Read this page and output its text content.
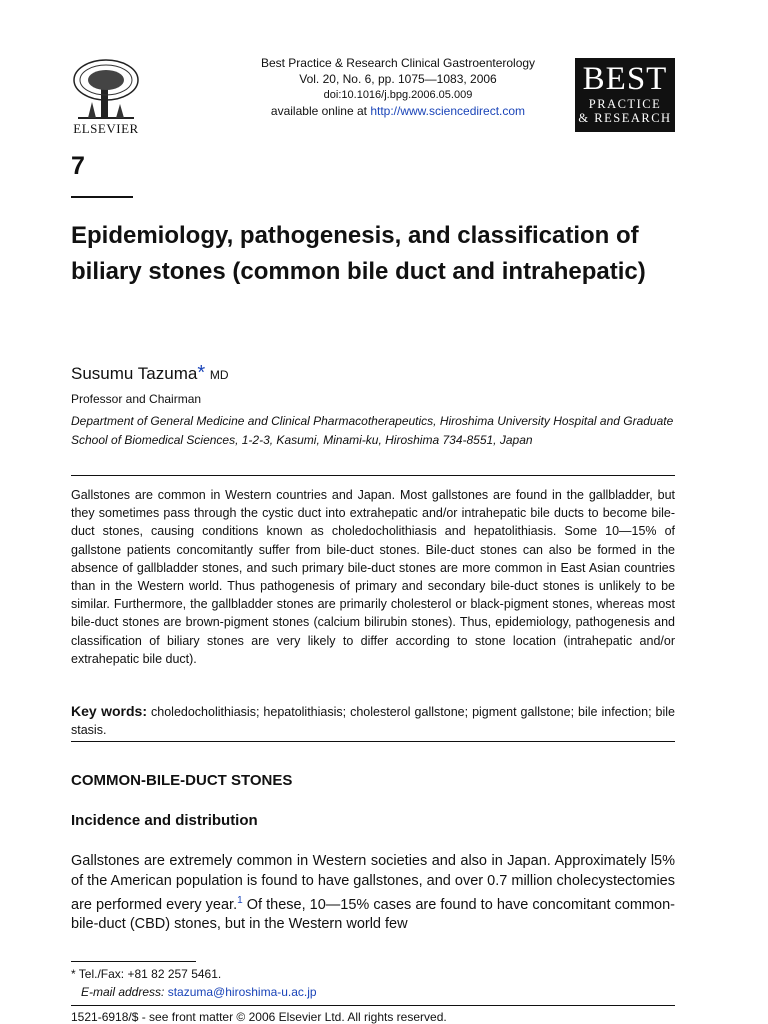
ELSEVIER
Best Practice & Research Clinical Gastroenterology
Vol. 20, No. 6, pp. 1075—1083, 2006
doi:10.1016/j.bpg.2006.05.009
available online at http://www.sciencedirect.com
BEST
PRACTICE
& RESEARCH
7
Epidemiology, pathogenesis, and classification of biliary stones (common bile duct and intrahepatic)
Susumu Tazuma* MD
Professor and Chairman
Department of General Medicine and Clinical Pharmacotherapeutics, Hiroshima University Hospital and Graduate School of Biomedical Sciences, 1-2-3, Kasumi, Minami-ku, Hiroshima 734-8551, Japan
Gallstones are common in Western countries and Japan. Most gallstones are found in the gallbladder, but they sometimes pass through the cystic duct into extrahepatic and/or intrahepatic bile ducts to become bile-duct stones, causing conditions known as choledocholithiasis and hepatolithiasis. Some 10—15% of gallstone patients concomitantly suffer from bile-duct stones. Bile-duct stones can also be formed in the absence of gallbladder stones, and such primary bile-duct stones are more common in East Asian countries than in the Western world. Thus pathogenesis of primary and secondary bile-duct stones is unlikely to be similar. Furthermore, the gallbladder stones are primarily cholesterol or black-pigment stones, whereas most bile-duct stones are brown-pigment stones (calcium bilirubin stones). Thus, epidemiology, pathogenesis and classification of biliary stones are very likely to differ according to stone location (intrahepatic and/or extrahepatic bile duct).
Key words: choledocholithiasis; hepatolithiasis; cholesterol gallstone; pigment gallstone; bile infection; bile stasis.
COMMON-BILE-DUCT STONES
Incidence and distribution
Gallstones are extremely common in Western societies and also in Japan. Approximately l5% of the American population is found to have gallstones, and over 0.7 million cholecystectomies are performed every year.$^1$ Of these, 10—15% cases are found to have concomitant common-bile-duct (CBD) stones, but in the Western world few
* Tel./Fax: +81 82 257 5461.
E-mail address: stazuma@hiroshima-u.ac.jp
1521-6918/$ - see front matter © 2006 Elsevier Ltd. All rights reserved.
